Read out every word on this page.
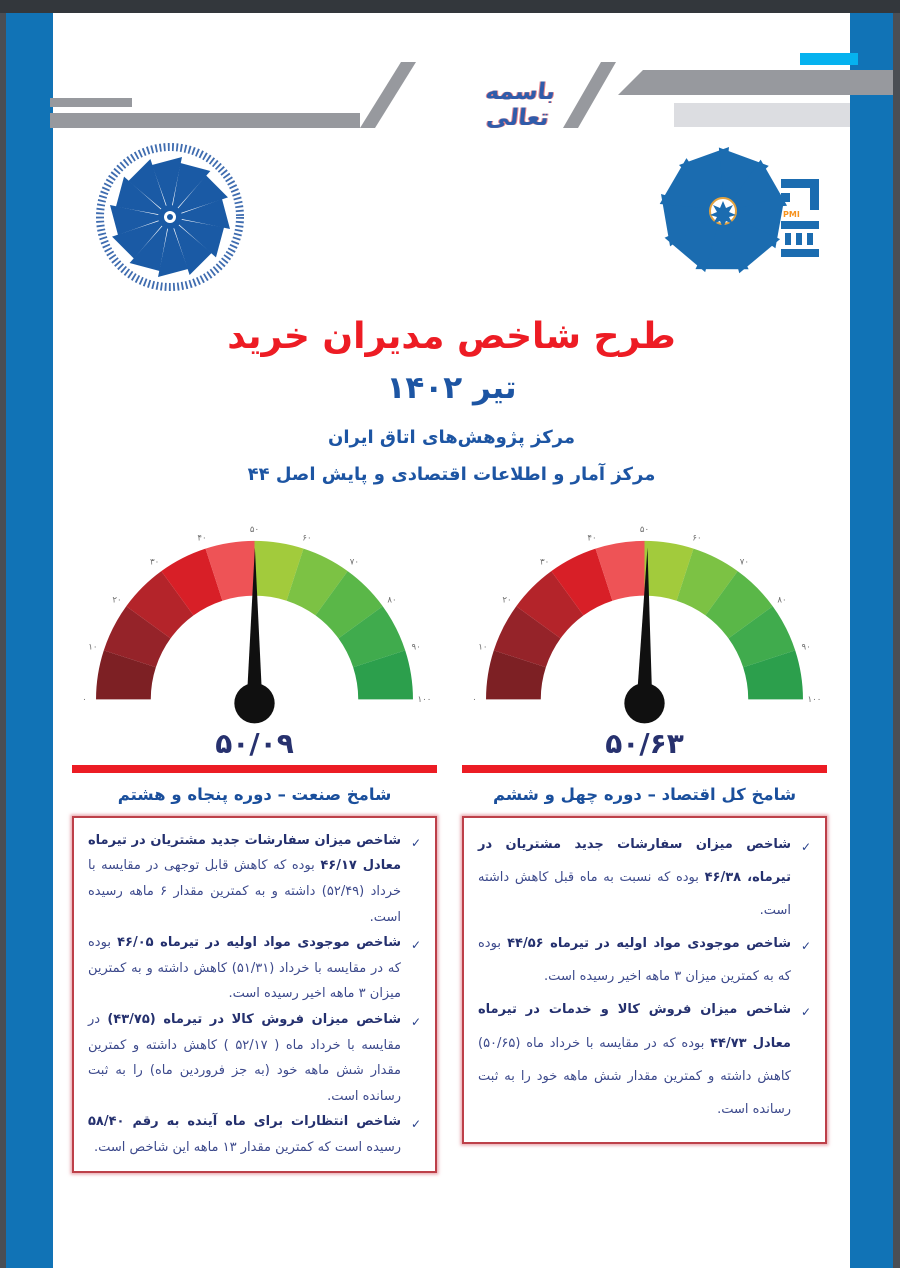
باسمه تعالی
PMI
طرح شاخص مدیران خرید
تیر ۱۴۰۲
مرکز پژوهش‌های اتاق ایران
مرکز آمار و اطلاعات اقتصادی و پایش اصل ۴۴
۰
۱۰
۲۰
۳۰
۴۰
۵۰
۶۰
۷۰
۸۰
۹۰
۱۰۰
۵۰/۶۳
شامخ کل اقتصاد – دوره چهل و ششم
✓
شاخص میزان سفارشات جدید مشتریان در تیرماه، ۴۶/۳۸ بوده که نسبت به ماه قبل کاهش داشته است.
✓
شاخص موجودی مواد اولیه در تیرماه ۴۴/۵۶ بوده که به کمترین میزان ۳ ماهه اخیر رسیده است.
✓
شاخص میزان فروش کالا و خدمات در تیرماه معادل ۴۴/۷۳ بوده که در مقایسه با خرداد ماه (۵۰/۶۵) کاهش داشته و کمترین مقدار شش ماهه خود را به ثبت رسانده است.
۰
۱۰
۲۰
۳۰
۴۰
۵۰
۶۰
۷۰
۸۰
۹۰
۱۰۰
۵۰/۰۹
شامخ صنعت – دوره پنجاه و هشتم
✓
شاخص میزان سفارشات جدید مشتریان در تیرماه معادل ۴۶/۱۷ بوده که کاهش قابل توجهی در مقایسه با خرداد (۵۲/۴۹) داشته و به کمترین مقدار ۶ ماهه رسیده است.
✓
شاخص موجودی مواد اولیه در تیرماه ۴۶/۰۵ بوده که در مقایسه با خرداد (۵۱/۳۱) کاهش داشته و به کمترین میزان ۳ ماهه اخیر رسیده است.
✓
شاخص میزان فروش کالا در تیرماه (۴۳/۷۵) در مقایسه با خرداد ماه ( ۵۲/۱۷ ) کاهش داشته و کمترین مقدار شش ماهه خود (به جز فروردین ماه) را به ثبت رسانده است.
✓
شاخص انتظارات برای ماه آینده به رقم ۵۸/۴۰ رسیده است که کمترین مقدار ۱۳ ماهه این شاخص است.
